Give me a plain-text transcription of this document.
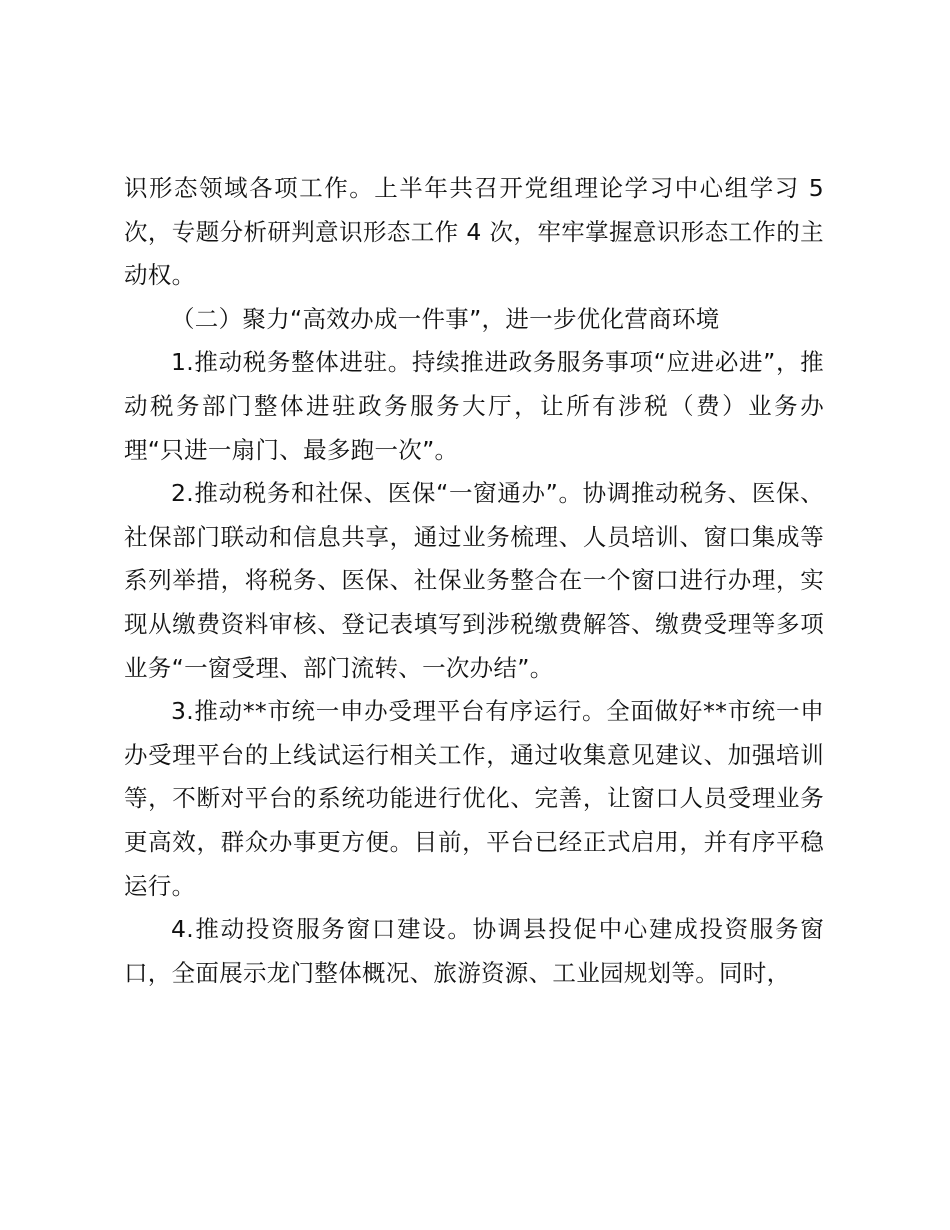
识形态领域各项工作。上半年共召开党组理论学习中心组学习 5 次，专题分析研判意识形态工作 4 次，牢牢掌握意识形态工作的主动权。

（二）聚力“高效办成一件事”，进一步优化营商环境

1.推动税务整体进驻。持续推进政务服务事项“应进必进”，推动税务部门整体进驻政务服务大厅，让所有涉税（费）业务办理“只进一扇门、最多跑一次”。

2.推动税务和社保、医保“一窗通办”。协调推动税务、医保、社保部门联动和信息共享，通过业务梳理、人员培训、窗口集成等系列举措，将税务、医保、社保业务整合在一个窗口进行办理，实现从缴费资料审核、登记表填写到涉税缴费解答、缴费受理等多项业务“一窗受理、部门流转、一次办结”。

3.推动**市统一申办受理平台有序运行。全面做好**市统一申办受理平台的上线试运行相关工作，通过收集意见建议、加强培训等，不断对平台的系统功能进行优化、完善，让窗口人员受理业务更高效，群众办事更方便。目前，平台已经正式启用，并有序平稳运行。

4.推动投资服务窗口建设。协调县投促中心建成投资服务窗口，全面展示龙门整体概况、旅游资源、工业园规划等。同时，
